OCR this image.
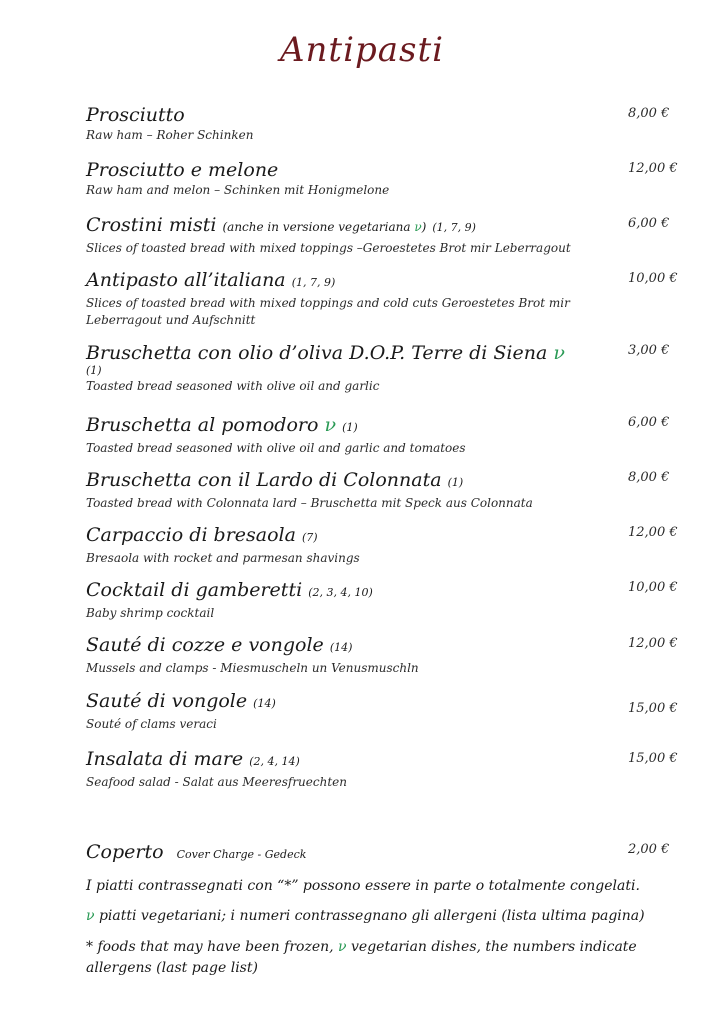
Antipasti
Prosciutto
Raw ham – Roher Schinken
8,00 €
Prosciutto e melone
Raw ham and melon – Schinken mit Honigmelone
12,00 €
Crostini misti (anche in versione vegetariana ν) (1, 7, 9)
Slices of toasted bread with mixed toppings –Geroestetes Brot mir Leberragout
6,00 €
Antipasto all’italiana (1, 7, 9)
Slices of toasted bread with mixed toppings and cold cuts Geroestetes Brot mir Leberragout und Aufschnitt
10,00 €
Bruschetta con olio d’oliva D.O.P. Terre di Siena ν
(1)
Toasted bread seasoned with olive oil and garlic
3,00 €
Bruschetta al pomodoro ν (1)
Toasted bread seasoned with olive oil and garlic and tomatoes
6,00 €
Bruschetta con il Lardo di Colonnata (1)
Toasted bread with Colonnata lard – Bruschetta mit Speck aus Colonnata
8,00 €
Carpaccio di bresaola (7)
Bresaola with rocket and parmesan shavings
12,00 €
Cocktail di gamberetti (2, 3, 4, 10)
Baby shrimp cocktail
10,00 €
Sauté di cozze e vongole (14)
Mussels and clamps - Miesmuscheln un Venusmuschln
12,00 €
Sauté di vongole (14)
Souté of clams veraci
15,00 €
Insalata di mare (2, 4, 14)
Seafood salad - Salat aus Meeresfruechten
15,00 €
Coperto Cover Charge - Gedeck	2,00 €
I piatti contrassegnati con “*” possono essere in parte o totalmente congelati.
ν piatti vegetariani; i numeri contrassegnano gli allergeni (lista ultima pagina)
* foods that may have been frozen, ν vegetarian dishes, the numbers indicate allergens (last page list)
